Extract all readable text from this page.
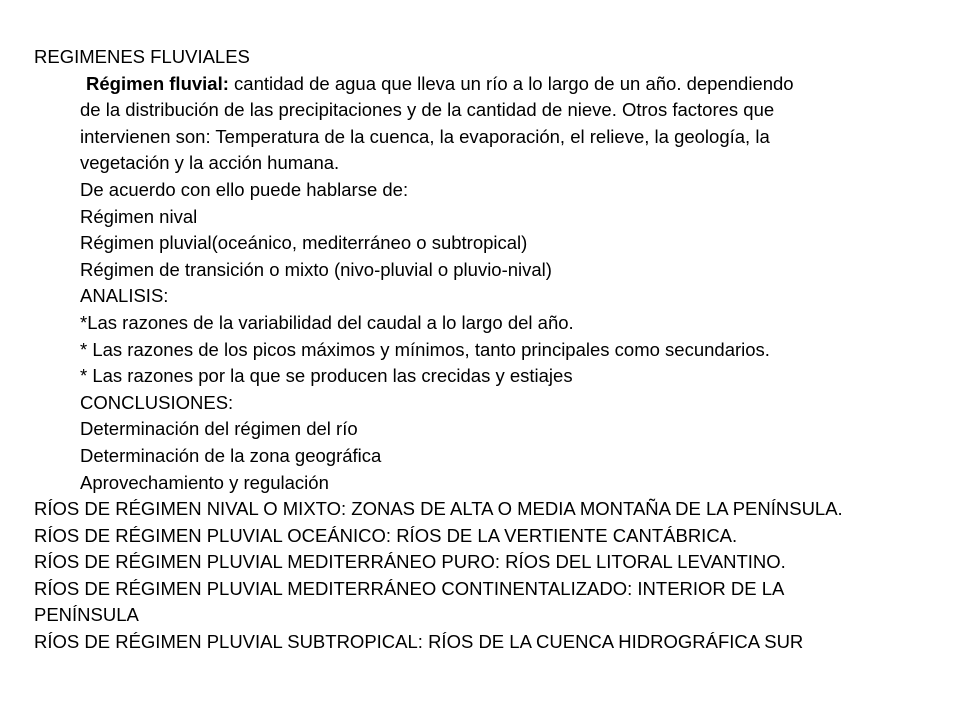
REGIMENES FLUVIALES

Régimen fluvial: cantidad de agua que lleva un río a lo largo de un año. dependiendo

de la distribución de las precipitaciones y de la cantidad de nieve. Otros factores que

intervienen son: Temperatura de la cuenca, la evaporación, el relieve, la geología, la

vegetación y la acción humana.

De acuerdo con ello puede hablarse de:

Régimen nival

Régimen pluvial(oceánico, mediterráneo o subtropical)

Régimen de transición o mixto (nivo-pluvial o pluvio-nival)

ANALISIS:

*Las razones de la variabilidad del caudal a lo largo del año.

* Las razones de los picos máximos y mínimos, tanto principales como secundarios.

* Las razones por la que se producen las crecidas y estiajes

CONCLUSIONES:

Determinación del régimen del río

Determinación de la zona geográfica

Aprovechamiento y regulación

RÍOS DE RÉGIMEN NIVAL O MIXTO: ZONAS DE ALTA O MEDIA MONTAÑA DE LA PENÍNSULA.

RÍOS DE RÉGIMEN PLUVIAL OCEÁNICO: RÍOS DE LA VERTIENTE CANTÁBRICA.

RÍOS DE RÉGIMEN PLUVIAL MEDITERRÁNEO PURO: RÍOS DEL LITORAL LEVANTINO.

RÍOS DE RÉGIMEN PLUVIAL MEDITERRÁNEO CONTINENTALIZADO: INTERIOR DE LA

PENÍNSULA

RÍOS DE RÉGIMEN PLUVIAL SUBTROPICAL: RÍOS DE LA CUENCA HIDROGRÁFICA SUR
